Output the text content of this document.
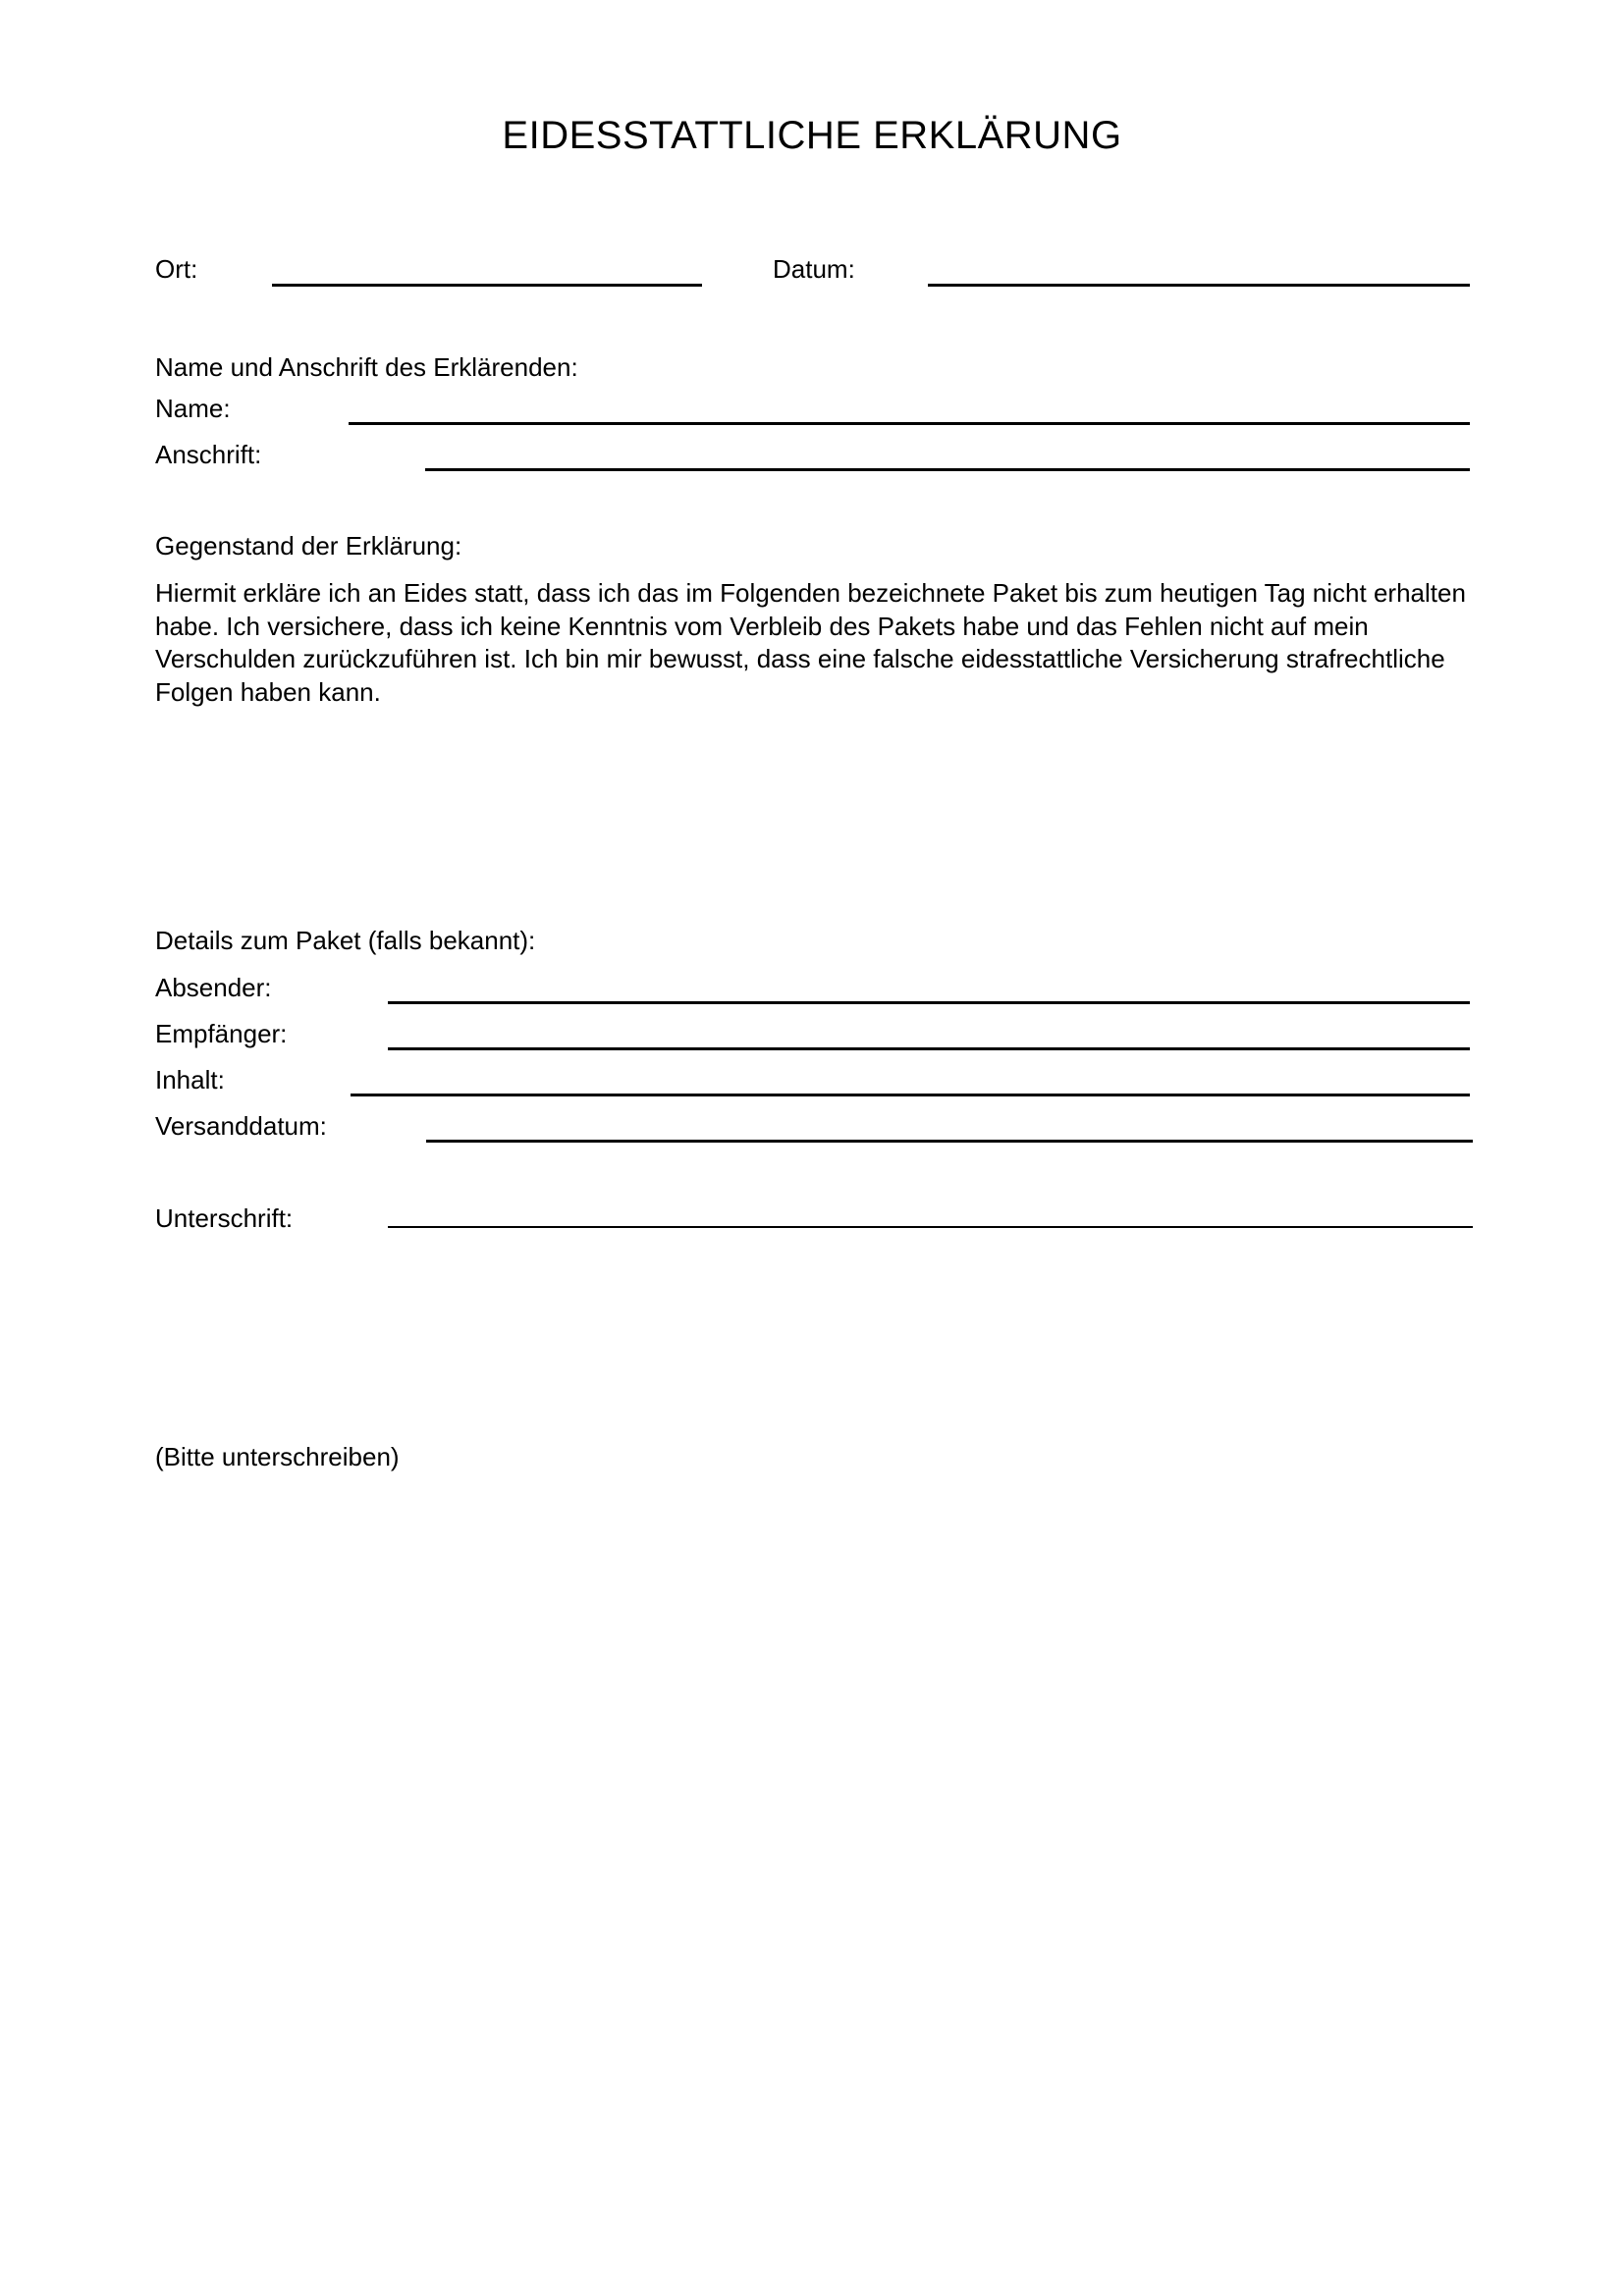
EIDESSTATTLICHE ERKLÄRUNG
Ort:	Datum:
Name und Anschrift des Erklärenden:
Name:
Anschrift:
Gegenstand der Erklärung:
Hiermit erkläre ich an Eides statt, dass ich das im Folgenden bezeichnete Paket bis zum heutigen Tag nicht erhalten habe. Ich versichere, dass ich keine Kenntnis vom Verbleib des Pakets habe und das Fehlen nicht auf mein Verschulden zurückzuführen ist. Ich bin mir bewusst, dass eine falsche eidesstattliche Versicherung strafrechtliche Folgen haben kann.
Details zum Paket (falls bekannt):
Absender:
Empfänger:
Inhalt:
Versanddatum:
Unterschrift:
(Bitte unterschreiben)
